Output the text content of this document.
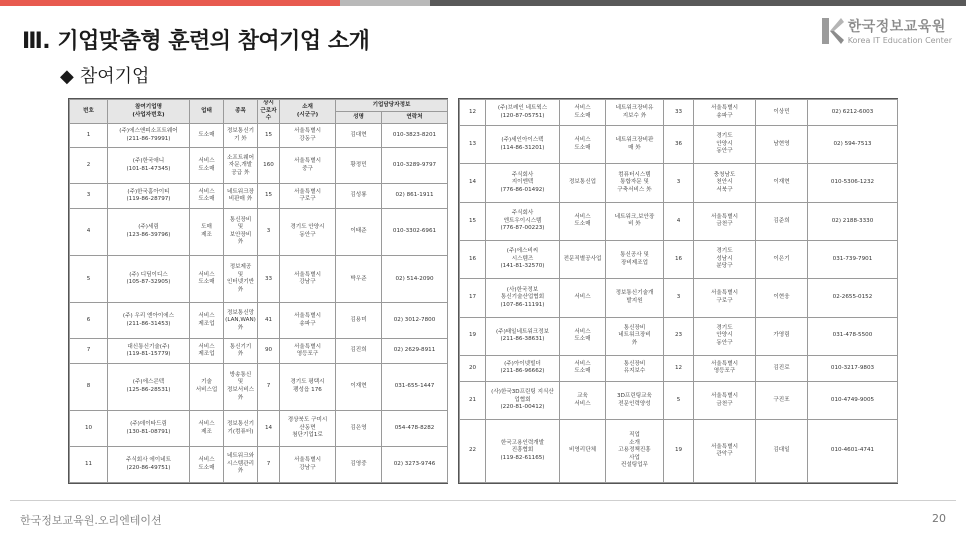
Ⅲ. 기업맞춤형 훈련의 참여기업 소개
◆ 참여기업
한국정보교육원
Korea IT Education Center
번호	참여기업명
(사업자번호)	업태	종목	상시
근로자
수	소재
(시군구)	기업담당자정보	
						성명	연락처
1	(주)에스앤피소프트웨어
(211-86-79991)	도소매	정보통신기기 外	15	서울특별시
강동구	김대현	010-3823-8201
2	(주)한국애니
(101-81-47345)	서비스
도소매	소프트웨어
자문,개발
공급 外	160	서울특별시
중구	황정민	010-3289-9797
3	(주)한국홈아이티
(119-86-28797)	서비스
도소매	네트워크장
비판매 外	15	서울특별시
구로구	김성룡	02) 861-1911
4	(주)세림
(123-86-39796)	도매
제조	통신장비
및
보안장비
外	3	경기도 안양시
동안구	이태준	010-3302-6961
5	(주) 디딤이디스
(105-87-32905)	서비스
도소매	정보제공
및
인터넷기반
外	33	서울특별시
강남구	박우준	02) 514-2090
6	(주) 우리 엔아이에스
(211-86-31453)	서비스
제조업	정보통신망
(LAN,WAN)
外	41	서울특별시
송파구	김용미	02) 3012-7800
7	대신통신기술(주)
(119-81-15779)	서비스
제조업	통신기기
外	90	서울특별시
영등포구	김진희	02) 2629-8911
8	(주)에스콘텍
(125-86-28531)	기술
서비스업	방송통신
및
정보서비스
外	7	경기도 평택시
팽성읍 176	이재현	031-655-1447
10	(주)데이타드림
(130-81-08791)	서비스
제조	정보통신기
기(컴퓨터)	14	경상북도 구미시
산동면
첨단기업1로	김은영	054-478-8282
11	주식회사 에이네트
(220-86-49751)	서비스
도소매	네트워크와
시스템관리
外	7	서울특별시
강남구	김영중	02) 3273-9746
12	(주)브레인 네트웍스
(120-87-05751)	서비스
도소매	네트워크장비유
지보수 外	33	서울특별시
송파구	이상민	02) 6212-6003
13	(주)세인아이스텍
(114-86-31201)	서비스
도소매	네트워크장비판
매 外	36	경기도
안양시
동안구	남현영	02) 594-7513
14	주식회사
지이엔텍
(776-86-01492)	정보통신업	컴퓨터시스템
통합자문 및
구축서비스 外	3	충청남도
천안시
서북구	이재현	010-5306-1232
15	주식회사
엔트우이시스템
(776-87-00223)	서비스
도소매	네트워크,보안장
비 外	4	서울특별시
금천구	김준희	02) 2188-3330
16	(주)에스비씨
시스템즈
(141-81-32570)	전문직별공사업	통신공사 및
장비제조업	16	경기도
성남시
분당구	이은기	031-739-7901
17	(사)한국정보
통신기술산업협회
(107-86-11191)	서비스	정보통신기술개
발지원	3	서울특별시
구로구	이현웅	02-2655-0152
19	(주)태일네트워크정보
(211-86-38631)	서비스
도소매	통신장비
네트워크장비
外	23	경기도
안양시
동안구	가영림	031-478-5500
20	(주)아이넷빌더
(211-86-96662)	서비스
도소매	통신장비
유지보수	12	서울특별시
영등포구	김진로	010-3217-9803
21	(사)한국3D프린팅 지식산
업협회
(220-81-00412)	교육
서비스	3D프린팅교육
전문인력양성	5	서울특별시
금천구	구진포	010-4749-9005
22	한국고용인력개발
진흥협회
(119-82-61165)	비영리단체	직업
소개
고용정책진흥
사업
컨설팅업무	19	서울특별시
관악구	김대일	010-4601-4741
한국정보교육원.오리엔테이션	20
